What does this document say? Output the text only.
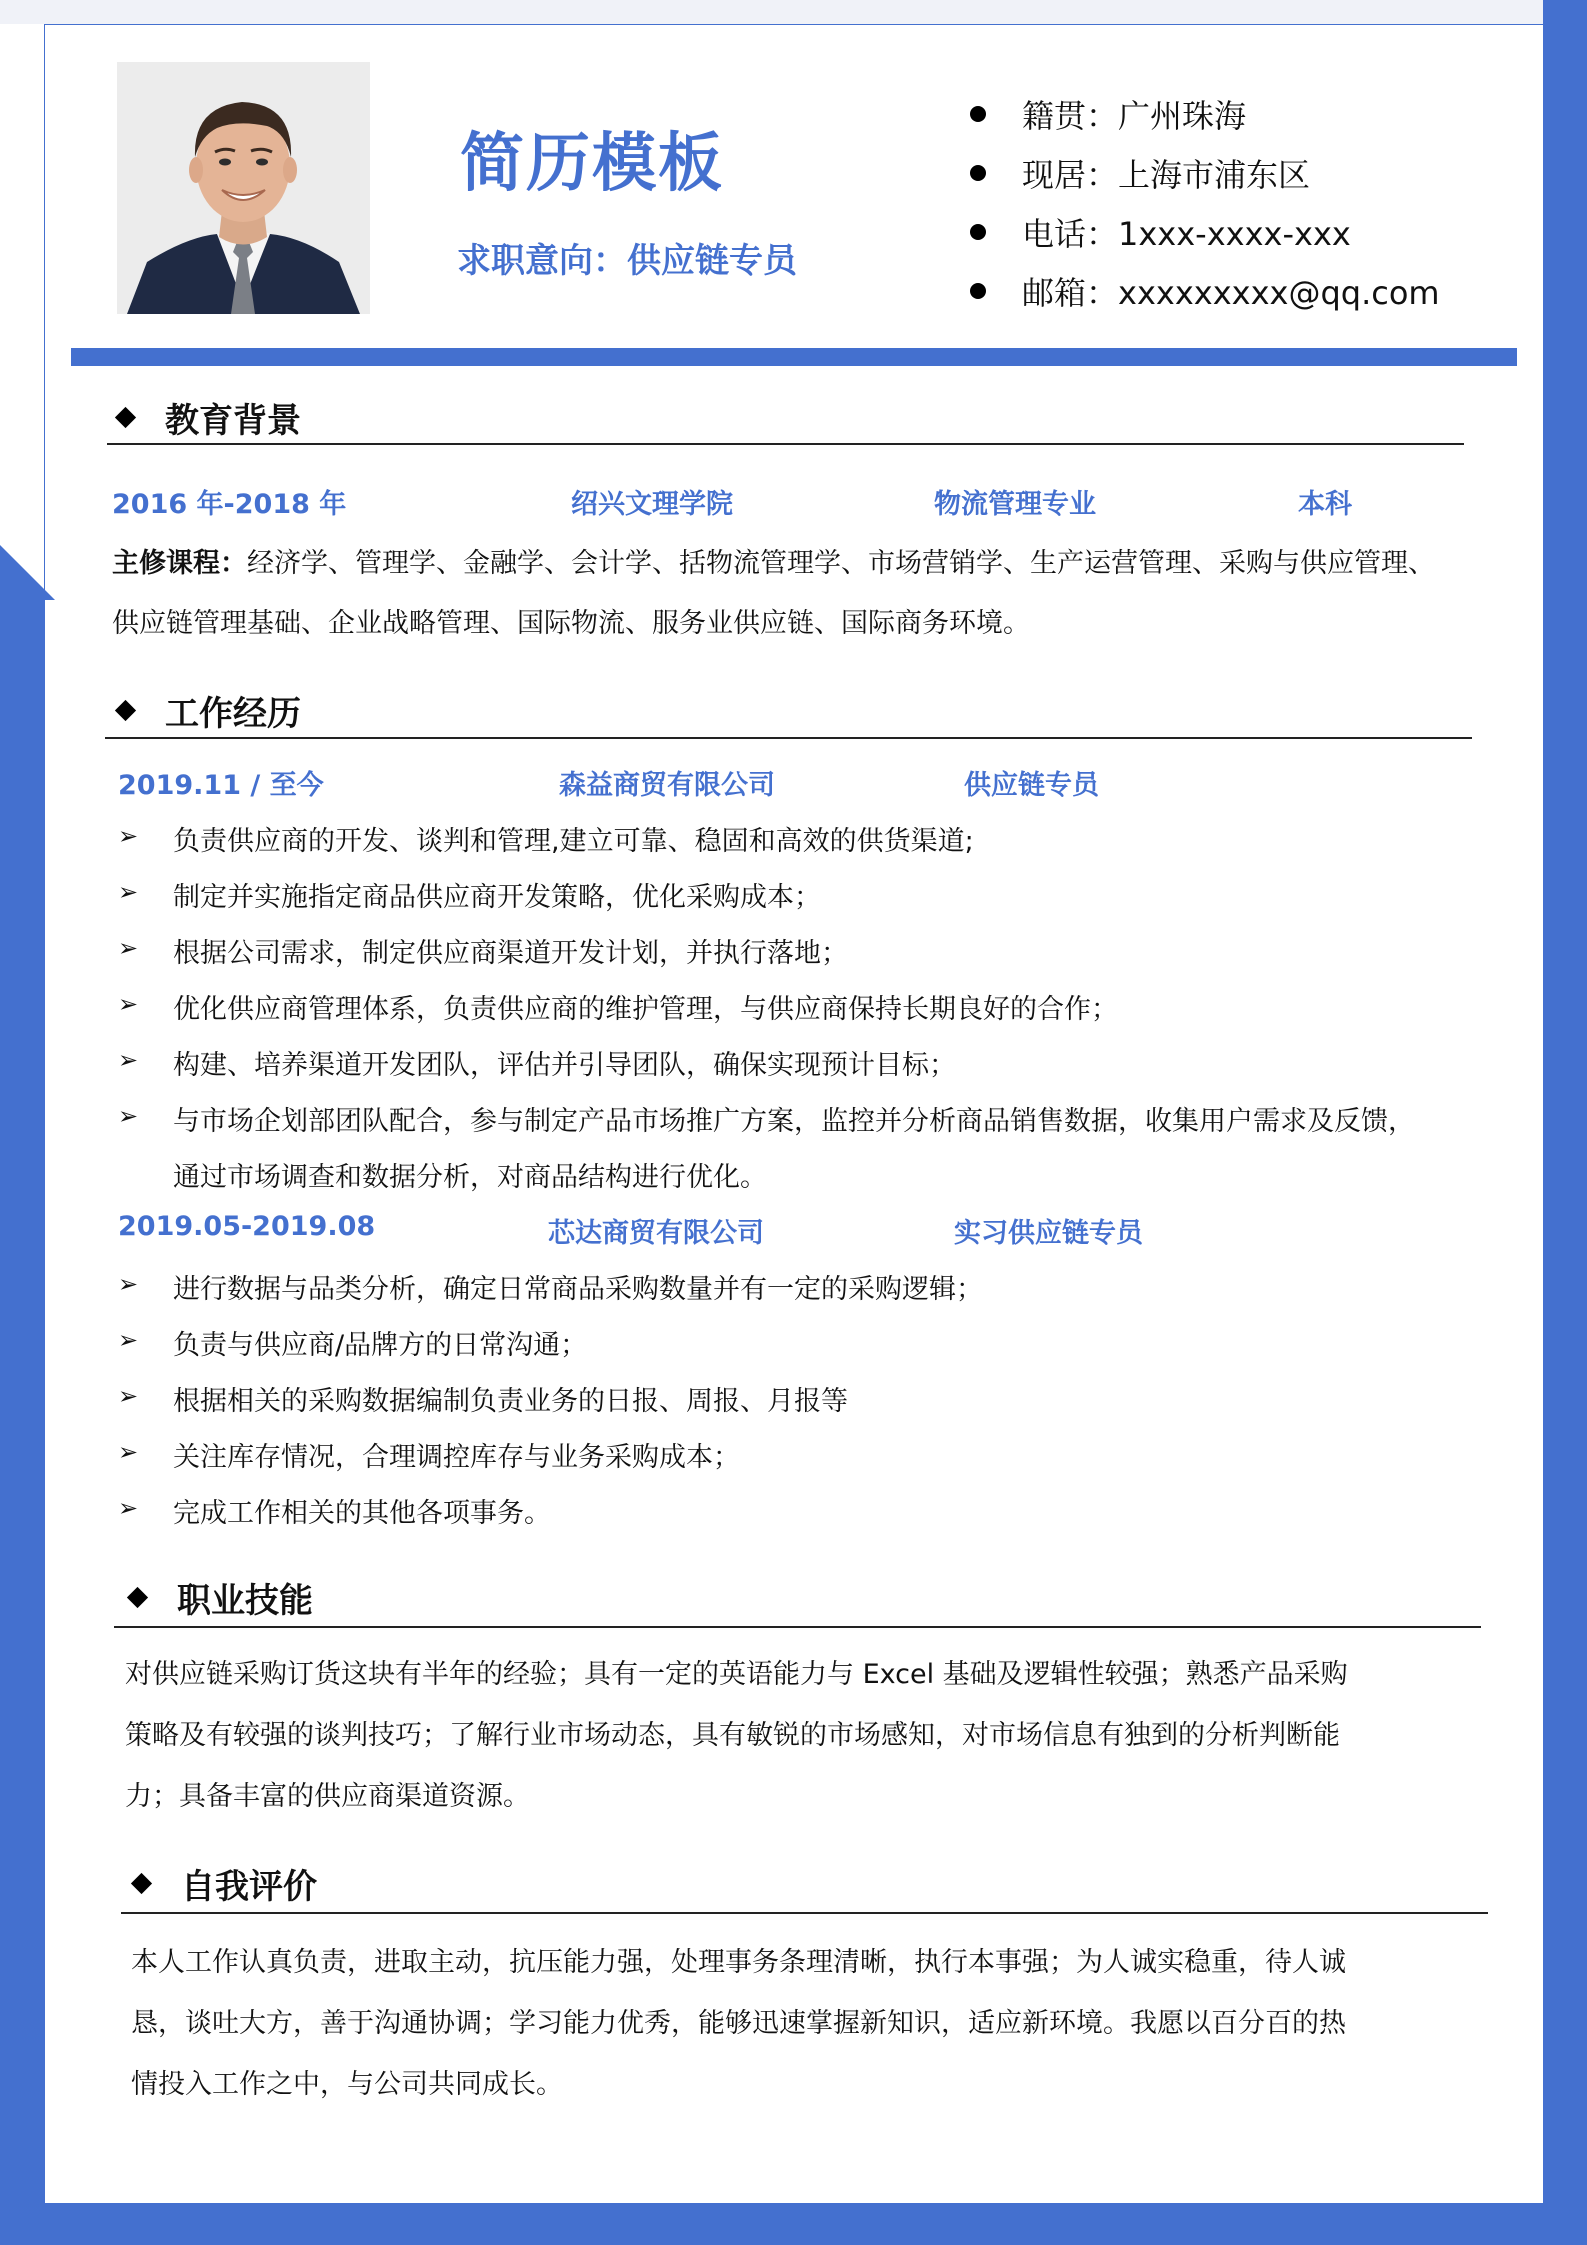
简历模板
求职意向：供应链专员
籍贯：广州珠海
现居：上海市浦东区
电话：1xxx-xxxx-xxx
邮箱：xxxxxxxxx@qq.com
教育背景
2016 年-2018 年	绍兴文理学院	物流管理专业	本科
主修课程：经济学、管理学、金融学、会计学、括物流管理学、市场营销学、生产运营管理、采购与供应管理、
供应链管理基础、企业战略管理、国际物流、服务业供应链、国际商务环境。
工作经历
2019.11 / 至今	森益商贸有限公司	供应链专员
➢ 负责供应商的开发、谈判和管理,建立可靠、稳固和高效的供货渠道;
➢ 制定并实施指定商品供应商开发策略，优化采购成本；
➢ 根据公司需求，制定供应商渠道开发计划，并执行落地；
➢ 优化供应商管理体系，负责供应商的维护管理，与供应商保持长期良好的合作；
➢ 构建、培养渠道开发团队，评估并引导团队，确保实现预计目标；
➢ 与市场企划部团队配合，参与制定产品市场推广方案，监控并分析商品销售数据，收集用户需求及反馈，
通过市场调查和数据分析，对商品结构进行优化。
2019.05-2019.08	芯达商贸有限公司	实习供应链专员
➢ 进行数据与品类分析，确定日常商品采购数量并有一定的采购逻辑；
➢ 负责与供应商/品牌方的日常沟通；
➢ 根据相关的采购数据编制负责业务的日报、周报、月报等
➢ 关注库存情况，合理调控库存与业务采购成本；
➢ 完成工作相关的其他各项事务。
职业技能
对供应链采购订货这块有半年的经验；具有一定的英语能力与 Excel 基础及逻辑性较强；熟悉产品采购
策略及有较强的谈判技巧；了解行业市场动态，具有敏锐的市场感知，对市场信息有独到的分析判断能
力；具备丰富的供应商渠道资源。
自我评价
本人工作认真负责，进取主动，抗压能力强，处理事务条理清晰，执行本事强；为人诚实稳重，待人诚
恳，谈吐大方，善于沟通协调；学习能力优秀，能够迅速掌握新知识，适应新环境。我愿以百分百的热
情投入工作之中，与公司共同成长。
